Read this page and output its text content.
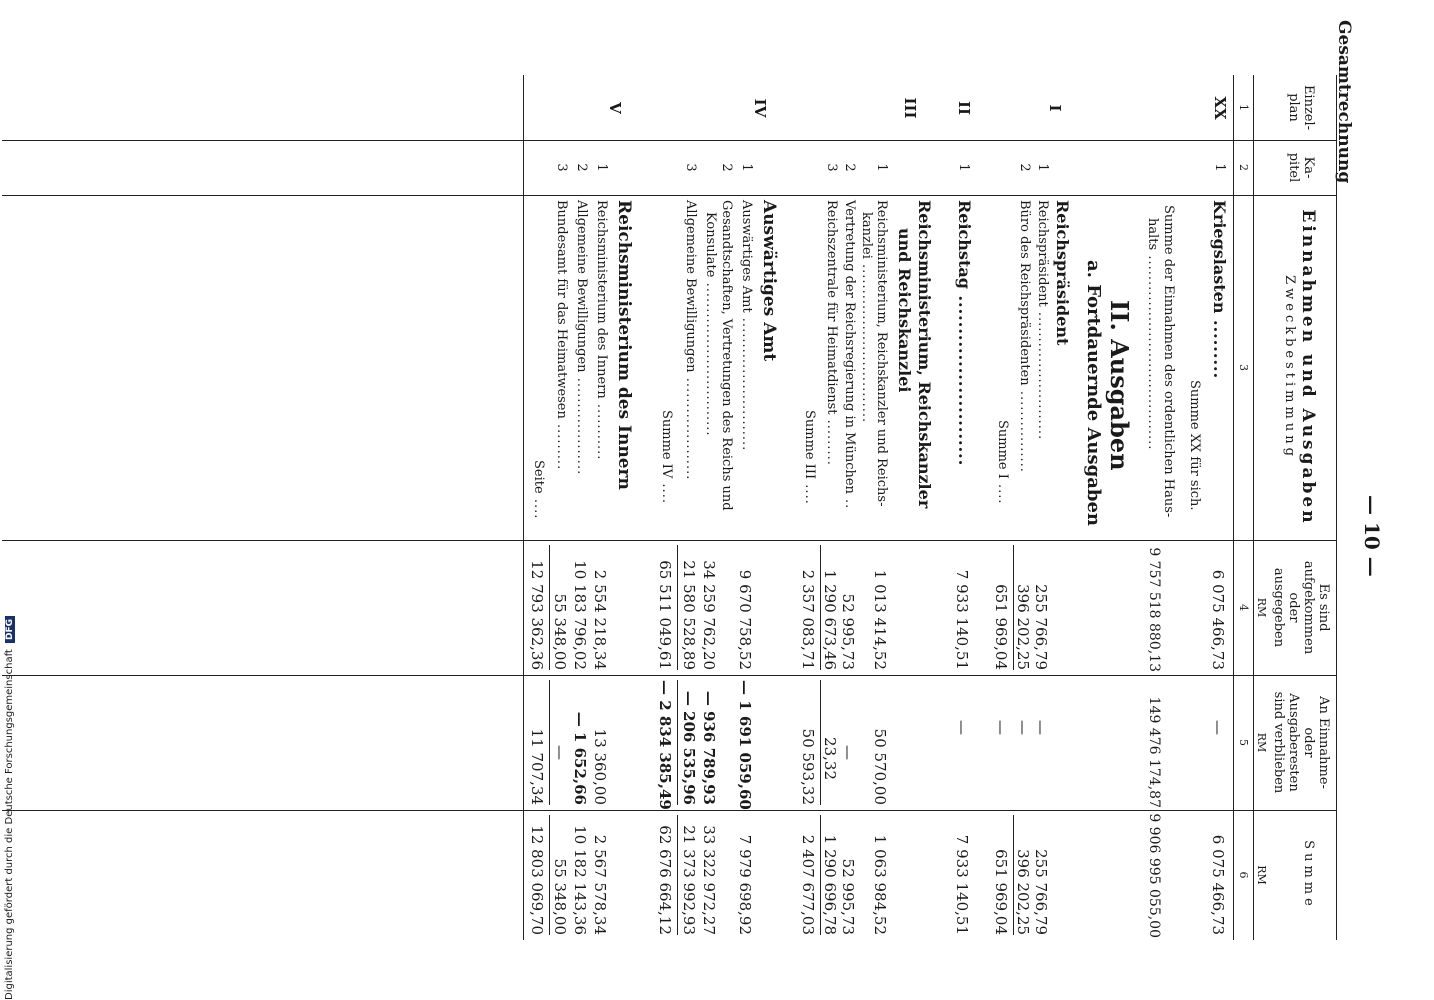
Gesamtrechnung
— 10 —
Einzel-
plan
1
Ka-
pitel
2
Einnahmen und Ausgaben
Zweckbestimmung
3
Es sind
aufgekommen
oder
ausgegeben
RM
4
An Einnahme-
oder
Ausgaberesten
sind verblieben
RM
5
Summe
RM
6
XX
1
Kriegslasten .........
6 075 466,73
—
6 075 466,73
Summe XX für sich.
Summe der Einnahmen des ordentlichen Haus-
halts ......................................
9 757 518 880,13
149 476 174,87
9 906 995 055,00
II. Ausgaben
a. Fortdauernde Ausgaben
I
Reichspräsident
1
Reichspräsident .........................
255 766,79
—
255 766,79
2
Büro des Reichspräsidenten ................
396 202,25
—
396 202,25
Summe I ....
651 969,04
—
651 969,04
II
1
Reichstag ..........................
7 933 140,51
—
7 933 140,51
III
Reichsministerium, Reichskanzler
und Reichskanzlei
1
Reichsministerium, Reichskanzler und Reichs-
kanzlei ...............................
1 013 414,52
50 570,00
1 063 984,52
2
Vertretung der Reichsregierung in München ..
52 995,73
—
52 995,73
3
Reichszentrale für Heimatdienst .........
1 290 673,46
23,32
1 290 696,78
Summe III ....
2 357 083,71
50 593,32
2 407 677,03
IV
Auswärtiges Amt
1
Auswärtiges Amt ..........................
9 670 758,52
— 1 691 059,60
7 979 698,92
2
Gesandtschaften, Vertretungen des Reichs und
Konsulate ..............................
34 259 762,20
— 936 789,93
33 322 972,27
3
Allgemeine Bewilligungen ....................
21 580 528,89
— 206 535,96
21 373 992,93
Summe IV ....
65 511 049,61
— 2 834 385,49
62 676 664,12
V
Reichsministerium des Innern
1
Reichsministerium des Innern ...........
2 554 218,34
13 360,00
2 567 578,34
2
Allgemeine Bewilligungen ...................
10 183 796,02
— 1 652,66
10 182 143,36
3
Bundesamt für das Heimatwesen .........
55 348,00
—
55 348,00
Seite ....
12 793 362,36
11 707,34
12 803 069,70
Digitalisierung gefördert durch die Deutsche Forschungsgemeinschaft DFG
